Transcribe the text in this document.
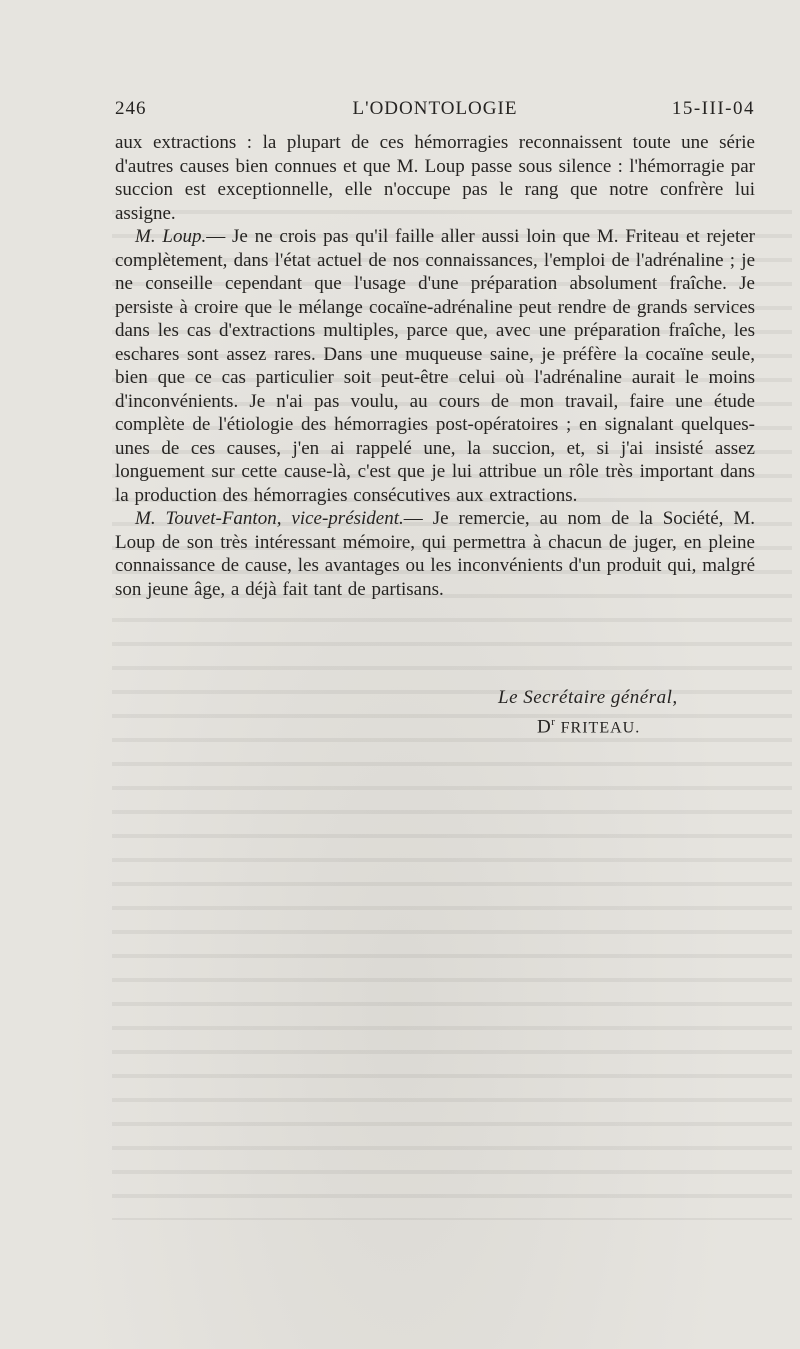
246	L'ODONTOLOGIE	15-III-04

aux extractions : la plupart de ces hémorragies reconnaissent toute une série d'autres causes bien connues et que M. Loup passe sous silence : l'hémorragie par succion est exceptionnelle, elle n'occupe pas le rang que notre confrère lui assigne.

M. Loup.— Je ne crois pas qu'il faille aller aussi loin que M. Friteau et rejeter complètement, dans l'état actuel de nos connaissances, l'emploi de l'adrénaline ; je ne conseille cependant que l'usage d'une préparation absolument fraîche. Je persiste à croire que le mélange cocaïne-adrénaline peut rendre de grands services dans les cas d'extractions multiples, parce que, avec une préparation fraîche, les eschares sont assez rares. Dans une muqueuse saine, je préfère la cocaïne seule, bien que ce cas particulier soit peut-être celui où l'adrénaline aurait le moins d'inconvénients. Je n'ai pas voulu, au cours de mon travail, faire une étude complète de l'étiologie des hémorragies post-opératoires ; en signalant quelques-unes de ces causes, j'en ai rappelé une, la succion, et, si j'ai insisté assez longuement sur cette cause-là, c'est que je lui attribue un rôle très important dans la production des hémorragies consécutives aux extractions.

M. Touvet-Fanton, vice-président.— Je remercie, au nom de la Société, M. Loup de son très intéressant mémoire, qui permettra à chacun de juger, en pleine connaissance de cause, les avantages ou les inconvénients d'un produit qui, malgré son jeune âge, a déjà fait tant de partisans.

Le Secrétaire général,
$D^r$ FRITEAU.
